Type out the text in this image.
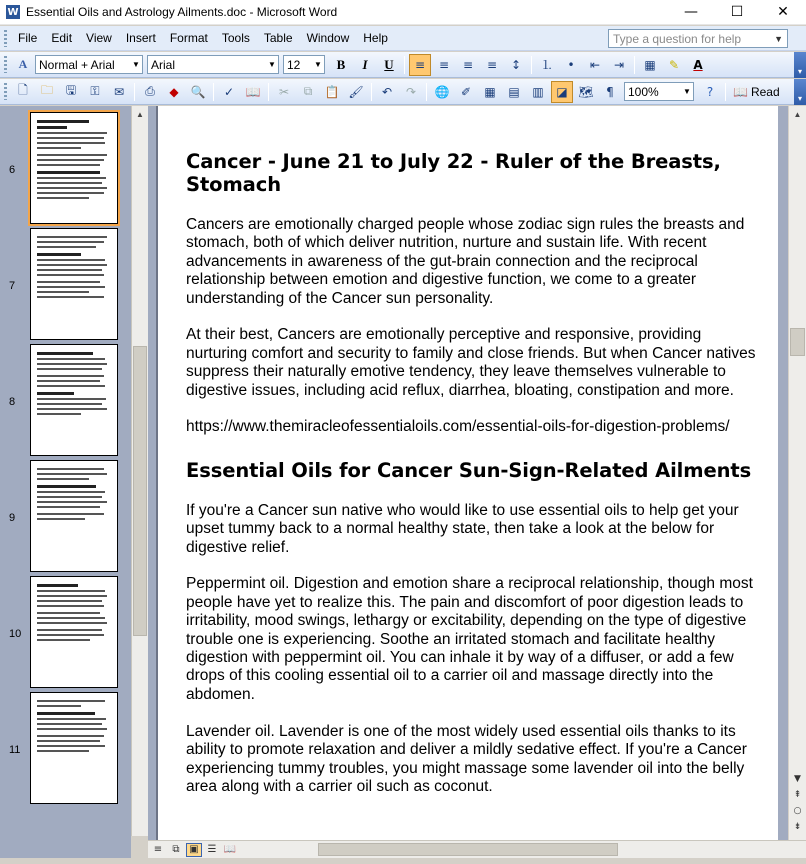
W Essential Oils and Astrology Ailments.doc - Microsoft Word	—	☐	✕
File	Edit	View	Insert	Format	Tools	Table	Window	Help	Type a question for help	▼
A Normal + Arial ▼ Arial	▼ 12 ▼	B	I	U	≡	≡	≡	≡	↕	⒈	•	⇤	⇥	▦	✎	A	▾
🗋	🗀	🖫	⚿	✉	⎙	◆ 🔍	✓ 📖	✂	⧉	📋 🖌	↶	↷	🌐 ✐	▦	▤	▥	◪ 🗺	¶	100%	▼	?	📖 Read	▾
6
7
8
9
10
11
▲
Cancer - June 21 to July 22 - Ruler of the Breasts, Stomach

Cancers are emotionally charged people whose zodiac sign rules the breasts and stomach, both of which deliver nutrition, nurture and sustain life. With recent advancements in awareness of the gut-brain connection and the reciprocal relationship between emotion and digestive function, we come to a greater understanding of the Cancer sun personality.

At their best, Cancers are emotionally perceptive and responsive, providing nurturing comfort and security to family and close friends. But when Cancer natives suppress their naturally emotive tendency, they leave themselves vulnerable to digestive issues, including acid reflux, diarrhea, bloating, constipation and more.

https://www.themiracleofessentialoils.com/essential-oils-for-digestion-problems/

Essential Oils for Cancer Sun-Sign-Related Ailments

If you're a Cancer sun native who would like to use essential oils to help get your upset tummy back to a normal healthy state, then take a look at the below for digestive relief.

Peppermint oil. Digestion and emotion share a reciprocal relationship, though most people have yet to realize this. The pain and discomfort of poor digestion leads to irritability, mood swings, lethargy or excitability, depending on the type of digestive trouble one is experiencing. Soothe an irritated stomach and facilitate healthy digestion with peppermint oil. You can inhale it by way of a diffuser, or add a few drops of this cooling essential oil to a carrier oil and massage directly into the abdomen.

Lavender oil. Lavender is one of the most widely used essential oils thanks to its ability to promote relaxation and deliver a mildly sedative effect. If you're a Cancer experiencing tummy troubles, you might massage some lavender oil into the belly area along with a carrier oil such as coconut.

▲
▼
⇞
○
⇟
≡	⧉ ▣ ☰ 📖
